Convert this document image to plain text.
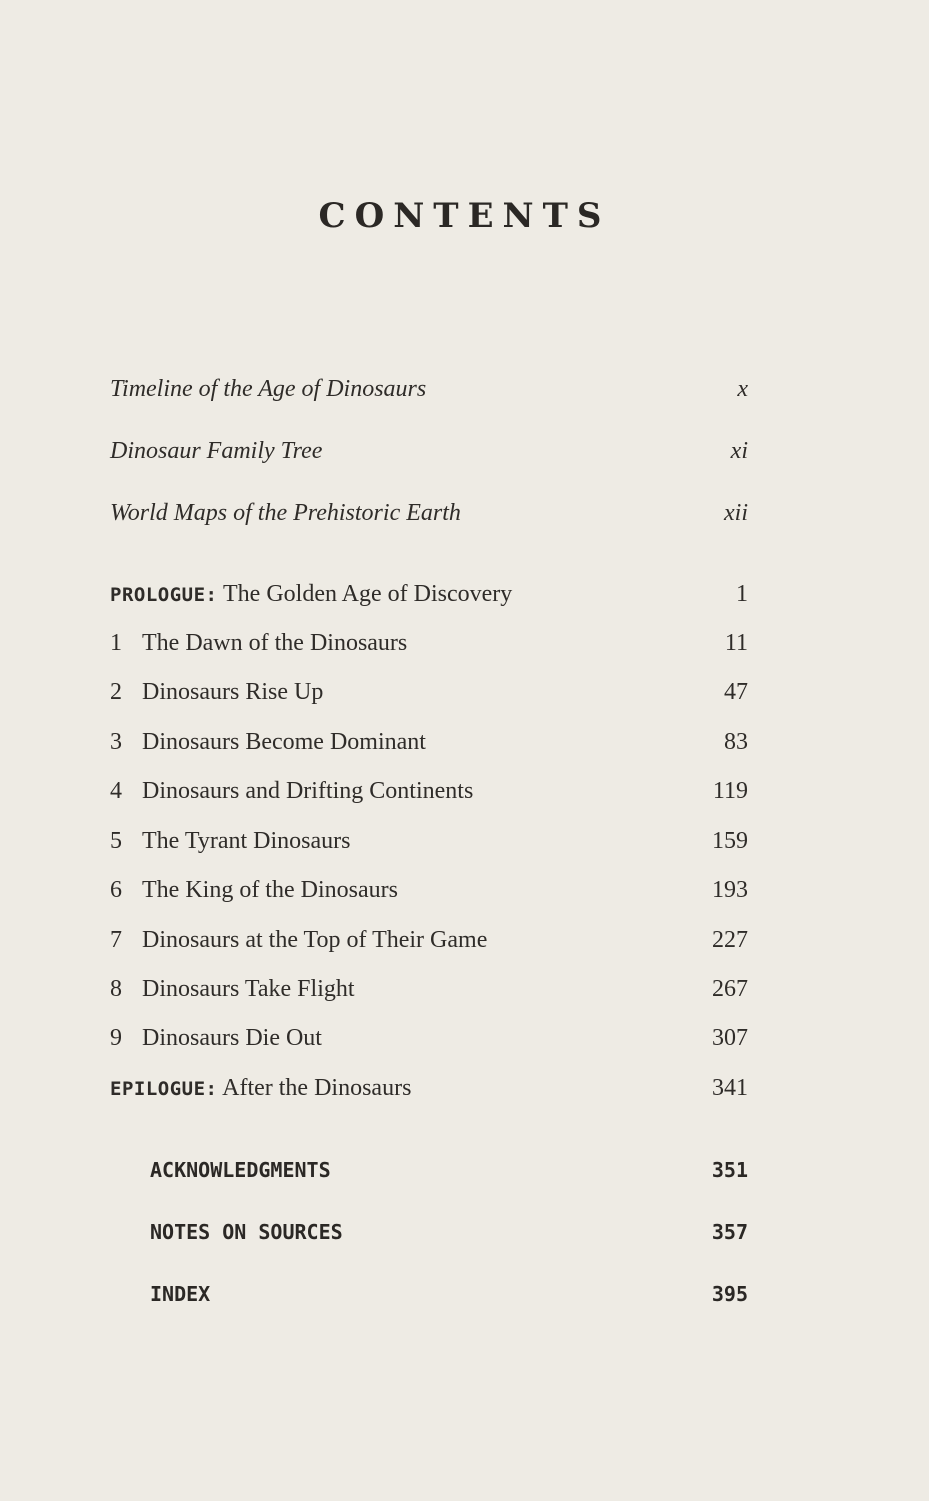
CONTENTS
Timeline of the Age of Dinosaurs	x
Dinosaur Family Tree	xi
World Maps of the Prehistoric Earth	xii
PROLOGUE: The Golden Age of Discovery	1
1 The Dawn of the Dinosaurs	11
2 Dinosaurs Rise Up	47
3 Dinosaurs Become Dominant	83
4 Dinosaurs and Drifting Continents	119
5 The Tyrant Dinosaurs	159
6 The King of the Dinosaurs	193
7 Dinosaurs at the Top of Their Game	227
8 Dinosaurs Take Flight	267
9 Dinosaurs Die Out	307
EPILOGUE: After the Dinosaurs	341
ACKNOWLEDGMENTS	351
NOTES ON SOURCES	357
INDEX	395
